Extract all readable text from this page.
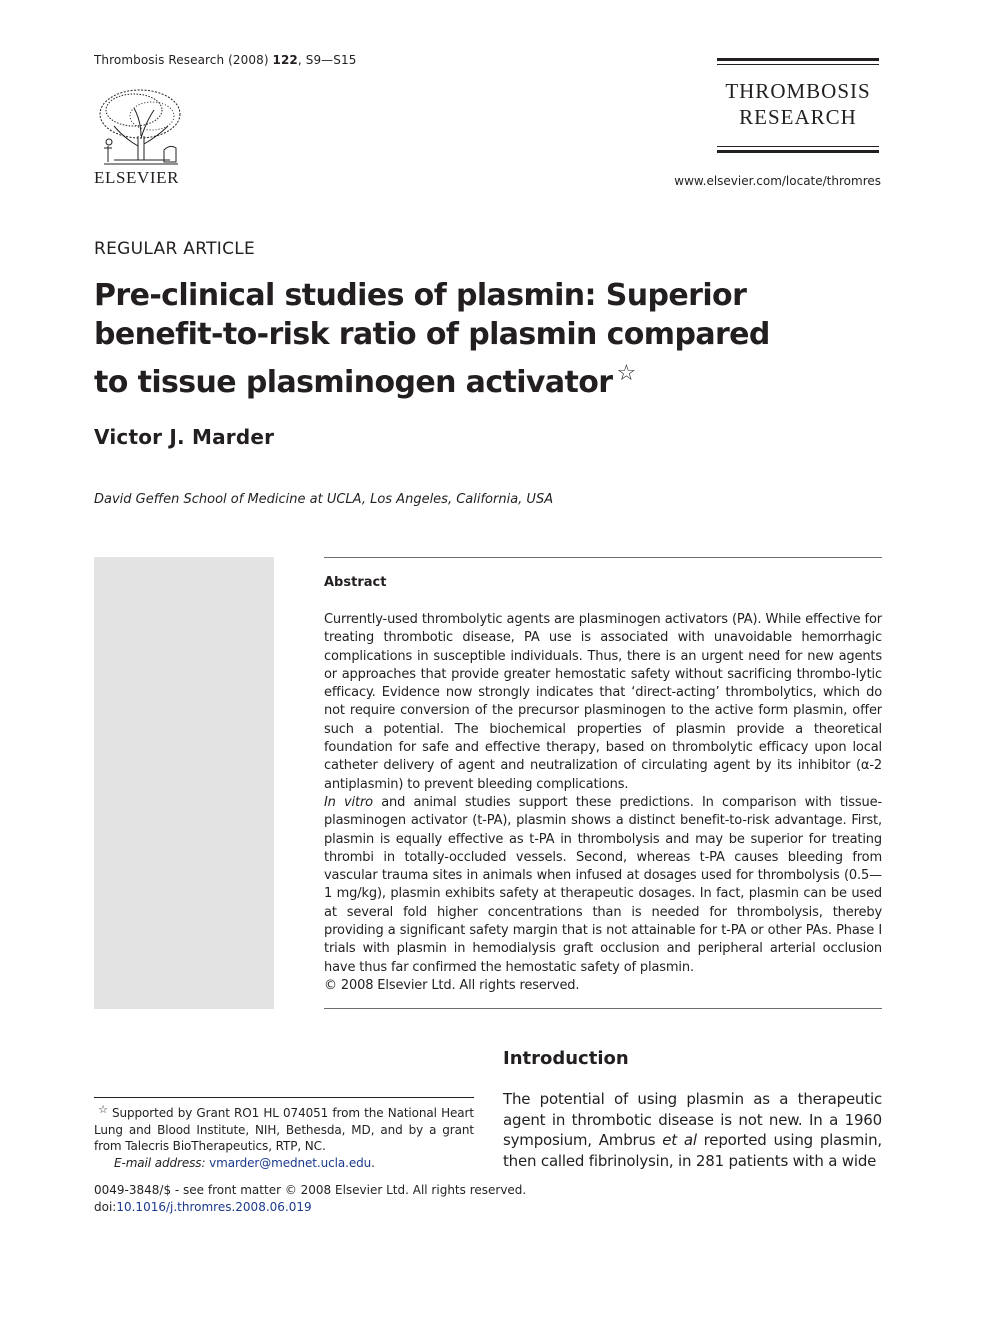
Thrombosis Research (2008) 122, S9—S15
ELSEVIER
THROMBOSIS
RESEARCH
www.elsevier.com/locate/thromres
REGULAR ARTICLE
Pre-clinical studies of plasmin: Superior
benefit-to-risk ratio of plasmin compared
to tissue plasminogen activator ☆
Victor J. Marder
David Geffen School of Medicine at UCLA, Los Angeles, California, USA
Abstract

Currently-used thrombolytic agents are plasminogen activators (PA). While effective for treating thrombotic disease, PA use is associated with unavoidable hemorrhagic complications in susceptible individuals. Thus, there is an urgent need for new agents or approaches that provide greater hemostatic safety without sacrificing thrombo-lytic efficacy. Evidence now strongly indicates that ‘direct-acting’ thrombolytics, which do not require conversion of the precursor plasminogen to the active form plasmin, offer such a potential. The biochemical properties of plasmin provide a theoretical foundation for safe and effective therapy, based on thrombolytic efficacy upon local catheter delivery of agent and neutralization of circulating agent by its inhibitor (α-2 antiplasmin) to prevent bleeding complications.

In vitro and animal studies support these predictions. In comparison with tissue-plasminogen activator (t-PA), plasmin shows a distinct benefit-to-risk advantage. First, plasmin is equally effective as t-PA in thrombolysis and may be superior for treating thrombi in totally-occluded vessels. Second, whereas t-PA causes bleeding from vascular trauma sites in animals when infused at dosages used for thrombolysis (0.5—1 mg/kg), plasmin exhibits safety at therapeutic dosages. In fact, plasmin can be used at several fold higher concentrations than is needed for thrombolysis, thereby providing a significant safety margin that is not attainable for t-PA or other PAs. Phase I trials with plasmin in hemodialysis graft occlusion and peripheral arterial occlusion have thus far confirmed the hemostatic safety of plasmin.

© 2008 Elsevier Ltd. All rights reserved.

Introduction
The potential of using plasmin as a therapeutic agent in thrombotic disease is not new. In a 1960 symposium, Ambrus et al reported using plasmin, then called fibrinolysin, in 281 patients with a wide
☆ Supported by Grant RO1 HL 074051 from the National Heart Lung and Blood Institute, NIH, Bethesda, MD, and by a grant from Talecris BioTherapeutics, RTP, NC.
E-mail address: vmarder@mednet.ucla.edu.
0049-3848/$ - see front matter © 2008 Elsevier Ltd. All rights reserved.
doi:10.1016/j.thromres.2008.06.019
